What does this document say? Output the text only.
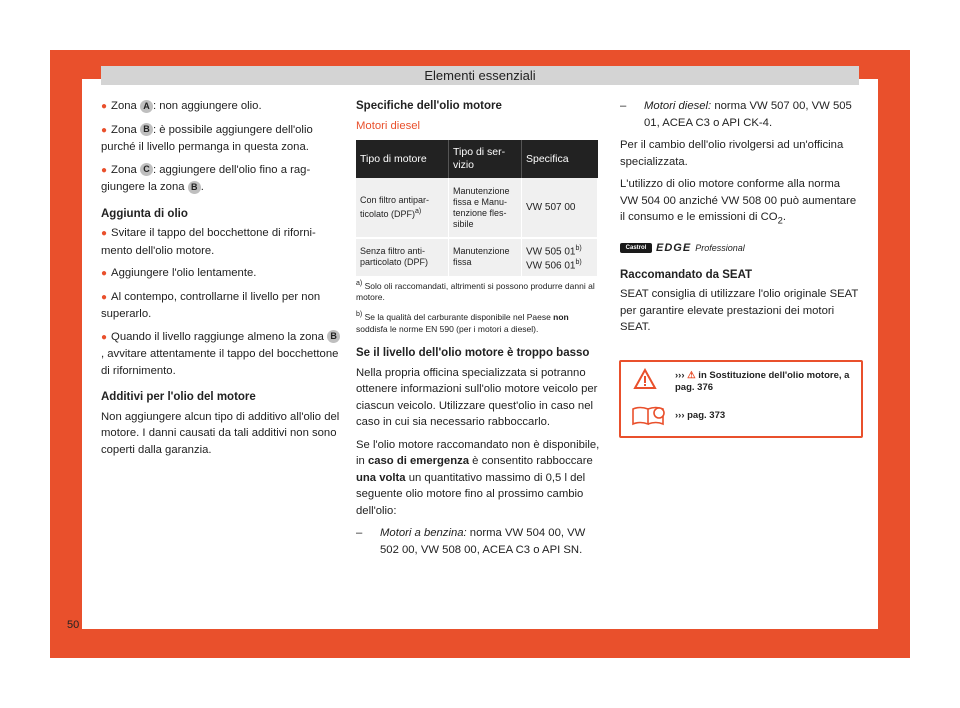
Elementi essenziali

● Zona A : non aggiungere olio.

● Zona B : è possibile aggiungere dell'olio purché il livello permanga in questa zona.

● Zona C : aggiungere dell'olio fino a raggiungere la zona B .

Aggiunta di olio

● Svitare il tappo del bocchettone di rifornimento dell'olio motore.

● Aggiungere l'olio lentamente.

● Al contempo, controllarne il livello per non superarlo.

● Quando il livello raggiunge almeno la zona B, avvitare attentamente il tappo del bocchettone di rifornimento.

Additivi per l'olio del motore

Non aggiungere alcun tipo di additivo all'olio del motore. I danni causati da tali additivi non sono coperti dalla garanzia.

Specifiche dell'olio motore

Motori diesel

Tipo di motore	Tipo di servizio	Specifica
Con filtro antiparticolato (DPF)$^{a)}$	Manutenzione fissa e Manutenzione flessibile	VW 507 00
Senza filtro antiparticolato (DPF)	Manutenzione fissa	VW 505 01$^{b)}$
VW 506 01$^{b)}$

$^{a)}$ Solo oli raccomandati, altrimenti si possono produrre danni al motore.

$^{b)}$ Se la qualità del carburante disponibile nel Paese non soddisfa le norme EN 590 (per i motori a diesel).

Se il livello dell'olio motore è troppo basso

Nella propria officina specializzata si potranno ottenere informazioni sull'olio motore veicolo per ciascun veicolo. Utilizzare quest'olio in caso nel caso in cui sia necessario rabboccarlo.

Se l'olio motore raccomandato non è disponibile, in caso di emergenza è consentito rabboccare una volta un quantitativo massimo di 0,5 l del seguente olio motore fino al prossimo cambio dell'olio:

– Motori a benzina: norma VW 504 00, VW 502 00, VW 508 00, ACEA C3 o API SN.

– Motori diesel: norma VW 507 00, VW 505 01, ACEA C3 o API CK-4.

Per il cambio dell'olio rivolgersi ad un'officina specializzata.

L'utilizzo di olio motore conforme alla norma VW 504 00 anziché VW 508 00 può aumentare il consumo e le emissioni di $CO_2$.

Castrol EDGE Professional
Raccomandato da SEAT

SEAT consiglia di utilizzare l'olio originale SEAT per garantire elevate prestazioni dei motori SEAT.

››› ⚠ in Sostituzione dell'olio motore, a pag. 376
››› pag. 373
50
